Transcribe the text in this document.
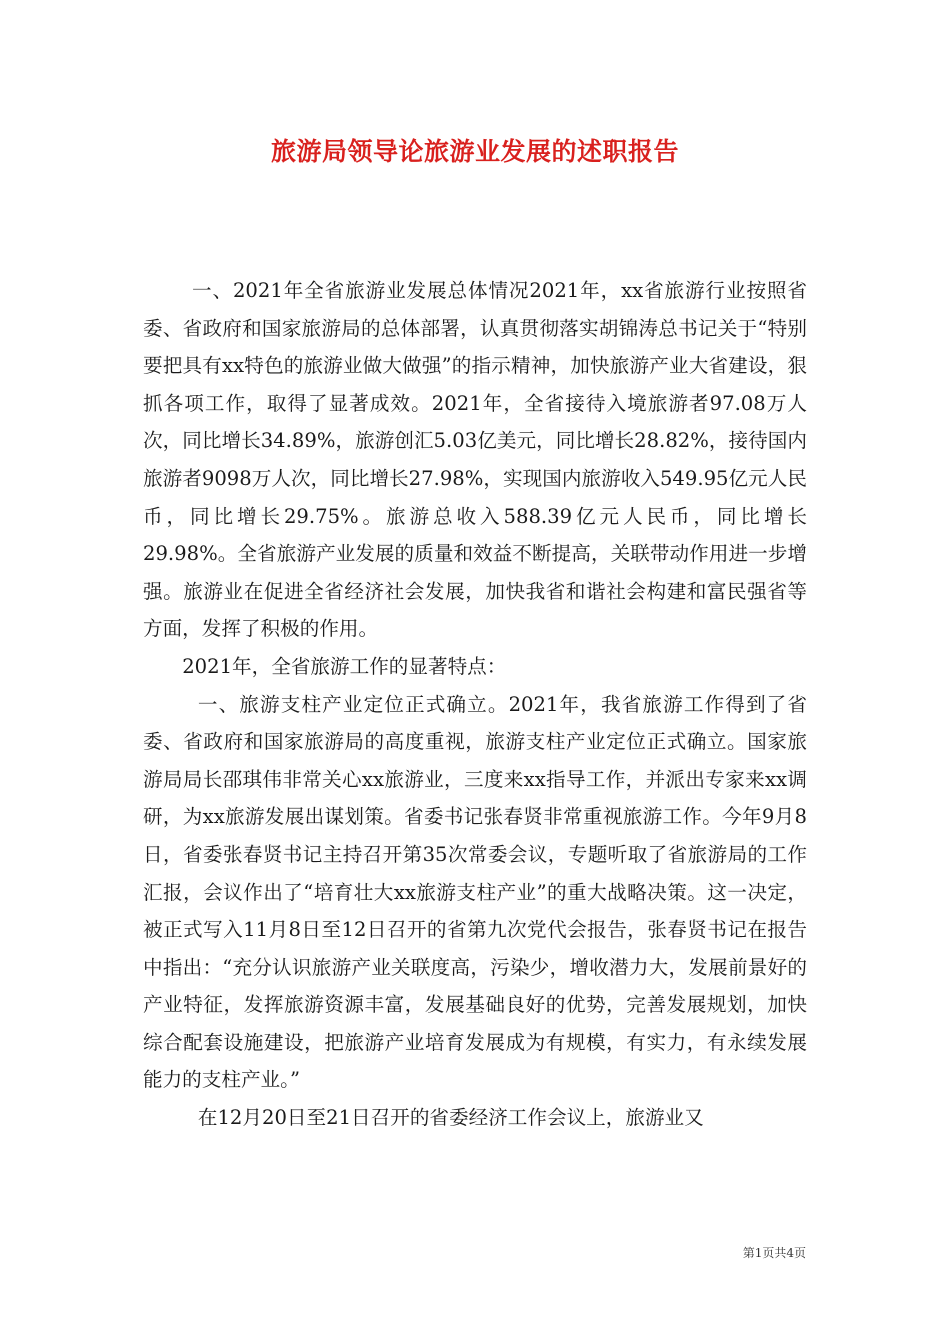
旅游局领导论旅游业发展的述职报告

一、2021年全省旅游业发展总体情况2021年，xx省旅游行业按照省委、省政府和国家旅游局的总体部署，认真贯彻落实胡锦涛总书记关于“特别要把具有xx特色的旅游业做大做强”的指示精神，加快旅游产业大省建设，狠抓各项工作，取得了显著成效。2021年，全省接待入境旅游者97.08万人次，同比增长34.89%，旅游创汇5.03亿美元，同比增长28.82%，接待国内旅游者9098万人次，同比增长27.98%，实现国内旅游收入549.95亿元人民币，同比增长29.75%。旅游总收入588.39亿元人民币，同比增长29.98%。全省旅游产业发展的质量和效益不断提高，关联带动作用进一步增强。旅游业在促进全省经济社会发展，加快我省和谐社会构建和富民强省等方面，发挥了积极的作用。

2021年，全省旅游工作的显著特点：

一、旅游支柱产业定位正式确立。2021年，我省旅游工作得到了省委、省政府和国家旅游局的高度重视，旅游支柱产业定位正式确立。国家旅游局局长邵琪伟非常关心xx旅游业，三度来xx指导工作，并派出专家来xx调研，为xx旅游发展出谋划策。省委书记张春贤非常重视旅游工作。今年9月8日，省委张春贤书记主持召开第35次常委会议，专题听取了省旅游局的工作汇报，会议作出了“培育壮大xx旅游支柱产业”的重大战略决策。这一决定，被正式写入11月8日至12日召开的省第九次党代会报告，张春贤书记在报告中指出：“充分认识旅游产业关联度高，污染少，增收潜力大，发展前景好的产业特征，发挥旅游资源丰富，发展基础良好的优势，完善发展规划，加快综合配套设施建设，把旅游产业培育发展成为有规模，有实力，有永续发展能力的支柱产业。”

在12月20日至21日召开的省委经济工作会议上，旅游业又

第1页共4页
